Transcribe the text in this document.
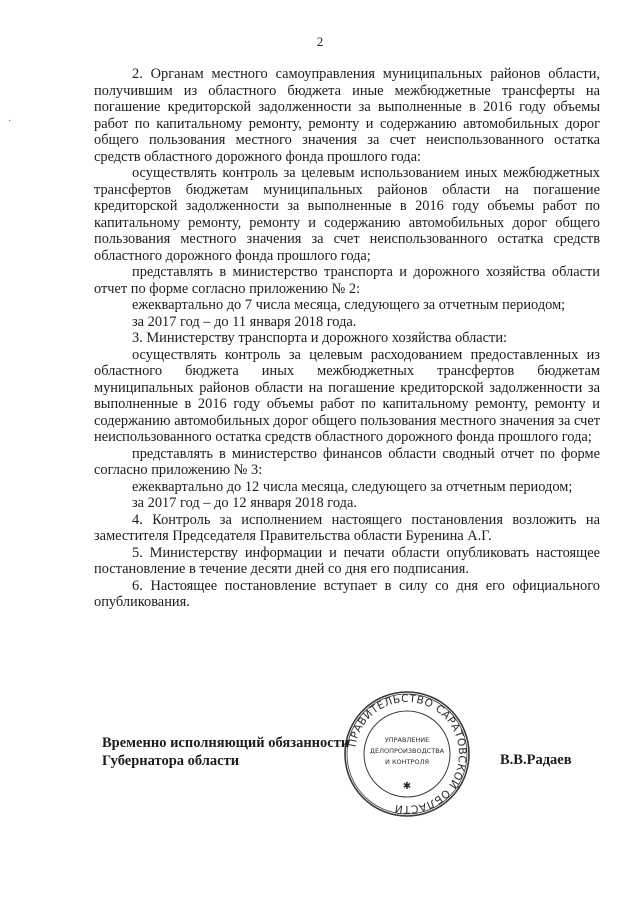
2
·

2. Органам местного самоуправления муниципальных районов области, получившим из областного бюджета иные межбюджетные трансферты на погашение кредиторской задолженности за выполненные в 2016 году объемы работ по капитальному ремонту, ремонту и содержанию автомобильных дорог общего пользования местного значения за счет неиспользованного остатка средств областного дорожного фонда прошлого года:

осуществлять контроль за целевым использованием иных межбюджетных трансфертов бюджетам муниципальных районов области на погашение кредиторской задолженности за выполненные в 2016 году объемы работ по капитальному ремонту, ремонту и содержанию автомобильных дорог общего пользования местного значения за счет неиспользованного остатка средств областного дорожного фонда прошлого года;

представлять в министерство транспорта и дорожного хозяйства области отчет по форме согласно приложению № 2:

ежеквартально до 7 числа месяца, следующего за отчетным периодом;

за 2017 год – до 11 января 2018 года.

3. Министерству транспорта и дорожного хозяйства области:

осуществлять контроль за целевым расходованием предоставленных из областного бюджета иных межбюджетных трансфертов бюджетам муниципальных районов области на погашение кредиторской задолженности за выполненные в 2016 году объемы работ по капитальному ремонту, ремонту и содержанию автомобильных дорог общего пользования местного значения за счет неиспользованного остатка средств областного дорожного фонда прошлого года;

представлять в министерство финансов области сводный отчет по форме согласно приложению № 3:

ежеквартально до 12 числа месяца, следующего за отчетным периодом;

за 2017 год – до 12 января 2018 года.

4. Контроль за исполнением настоящего постановления возложить на заместителя Председателя Правительства области Буренина А.Г.

5. Министерству информации и печати области опубликовать настоящее постановление в течение десяти дней со дня его подписания.

6. Настоящее постановление вступает в силу со дня его официального опубликования.

ПРАВИТЕЛЬСТВО САРАТОВСКОЙ ОБЛАСТИ
УПРАВЛЕНИЕ
ДЕЛОПРОИЗВОДСТВА
И КОНТРОЛЯ
✱
Временно исполняющий обязанности
Губернатора области	В.В.Радаев
